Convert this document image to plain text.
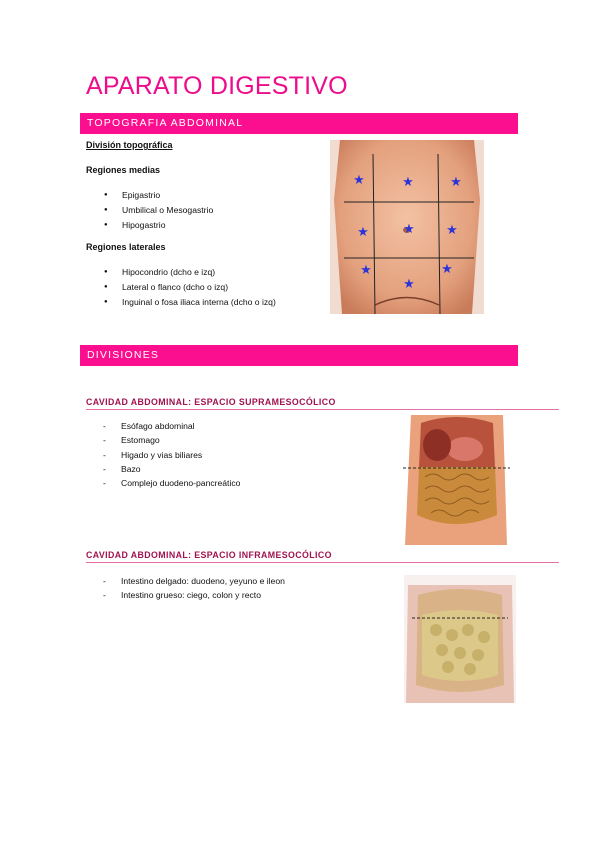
APARATO DIGESTIVO
TOPOGRAFIA ABDOMINAL
División topográfica
Regiones medias
● Epigastrio
● Umbilical o Mesogastrio
● Hipogastrio
Regiones laterales
● Hipocondrio (dcho e izq)
● Lateral o flanco (dcho o izq)
● Inguinal o fosa iliaca interna (dcho o izq)
★	★	★
★	★ ★
★
★
★
DIVISIONES
CAVIDAD ABDOMINAL: ESPACIO SUPRAMESOCÓLICO
- Esófago abdominal
- Estomago
- Higado y vias biliares
- Bazo
- Complejo duodeno-pancreático
CAVIDAD ABDOMINAL: ESPACIO INFRAMESOCÓLICO
- Intestino delgado: duodeno, yeyuno e ileon
- Intestino grueso: ciego, colon y recto
